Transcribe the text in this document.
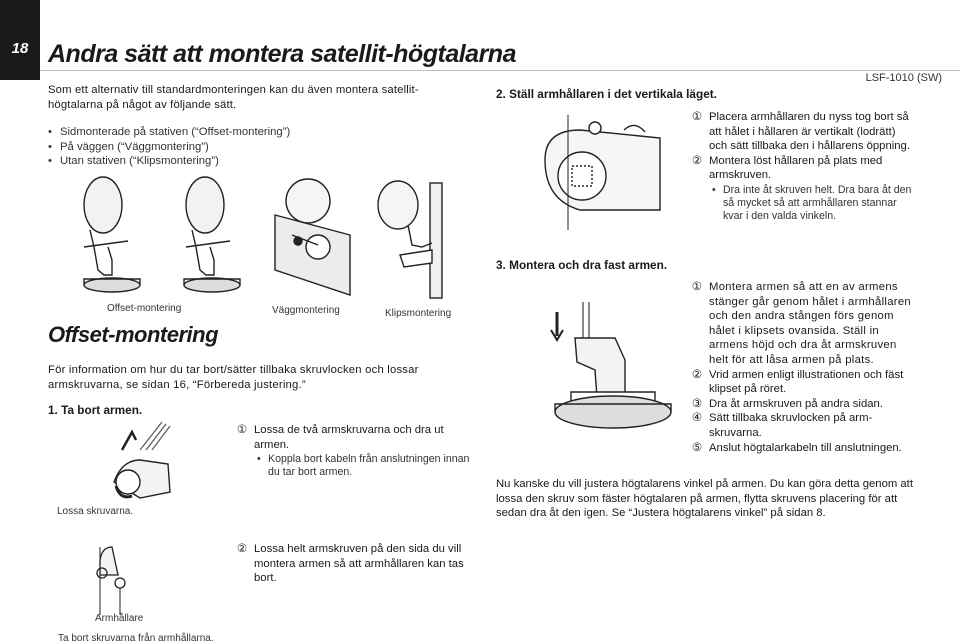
18 Andra sätt att montera satellit-högtalarna
LSF-1010 (SW)
Som ett alternativ till standardmonteringen kan du även montera satellit-högtalarna på något av följande sätt.
• Sidmonterade på stativen (“Offset-montering”)
• På väggen (“Väggmontering”)
• Utan stativen (“Klipsmontering”)
Offset-montering	Väggmontering	Klipsmontering
Offset-montering
För information om hur du tar bort/sätter tillbaka skruvlocken och lossar armskruvarna, se sidan 16, “Förbereda justering.”
1. Ta bort armen.
Lossa skruvarna.
① Lossa de två armskruvarna och dra ut armen.
• Koppla bort kabeln från anslutningen innan du tar bort armen.
② Lossa helt armskruven på den sida du vill montera armen så att armhållaren kan tas bort.
Armhållare
Ta bort skruvarna från armhållarna.
2. Ställ armhållaren i det vertikala läget.
① Placera armhållaren du nyss tog bort så att hålet i hållaren är vertikalt (lodrätt) och sätt tillbaka den i hållarens öppning.
② Montera löst hållaren på plats med armskruven.
• Dra inte åt skruven helt. Dra bara åt den så mycket så att armhållaren stannar kvar i den valda vinkeln.
3. Montera och dra fast armen.
① Montera armen så att en av armens stänger går genom hålet i armhållaren och den andra stången förs genom hålet i klipsets ovansida. Ställ in armens höjd och dra åt armskruven helt för att låsa armen på plats.
② Vrid armen enligt illustrationen och fäst klipset på röret.
③ Dra åt armskruven på andra sidan.
④ Sätt tillbaka skruvlocken på arm-skruvarna.
⑤ Anslut högtalarkabeln till anslutningen.
Nu kanske du vill justera högtalarens vinkel på armen. Du kan göra detta genom att lossa den skruv som fäster högtalaren på armen, flytta skruvens placering för att sedan dra åt den igen. Se “Justera högtalarens vinkel” på sidan 8.
